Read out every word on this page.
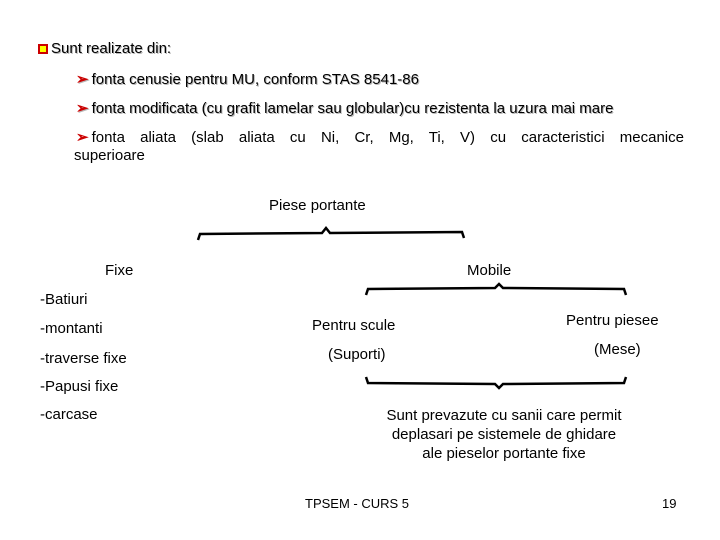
Sunt realizate din:
➢ fonta cenusie pentru MU, conform STAS 8541-86
➢ fonta modificata (cu grafit lamelar sau globular)cu rezistenta la uzura mai mare
➢ fonta aliata (slab aliata cu Ni, Cr, Mg, Ti, V) cu caracteristici mecanice
superioare
Piese portante
Fixe
-Batiuri
-montanti
-traverse fixe
-Papusi fixe
-carcase
Mobile
Pentru scule
(Suporti)
Pentru piesee
(Mese)
Sunt prevazute cu sanii care permit
deplasari pe sistemele de ghidare
ale pieselor portante fixe
TPSEM - CURS 5	19
